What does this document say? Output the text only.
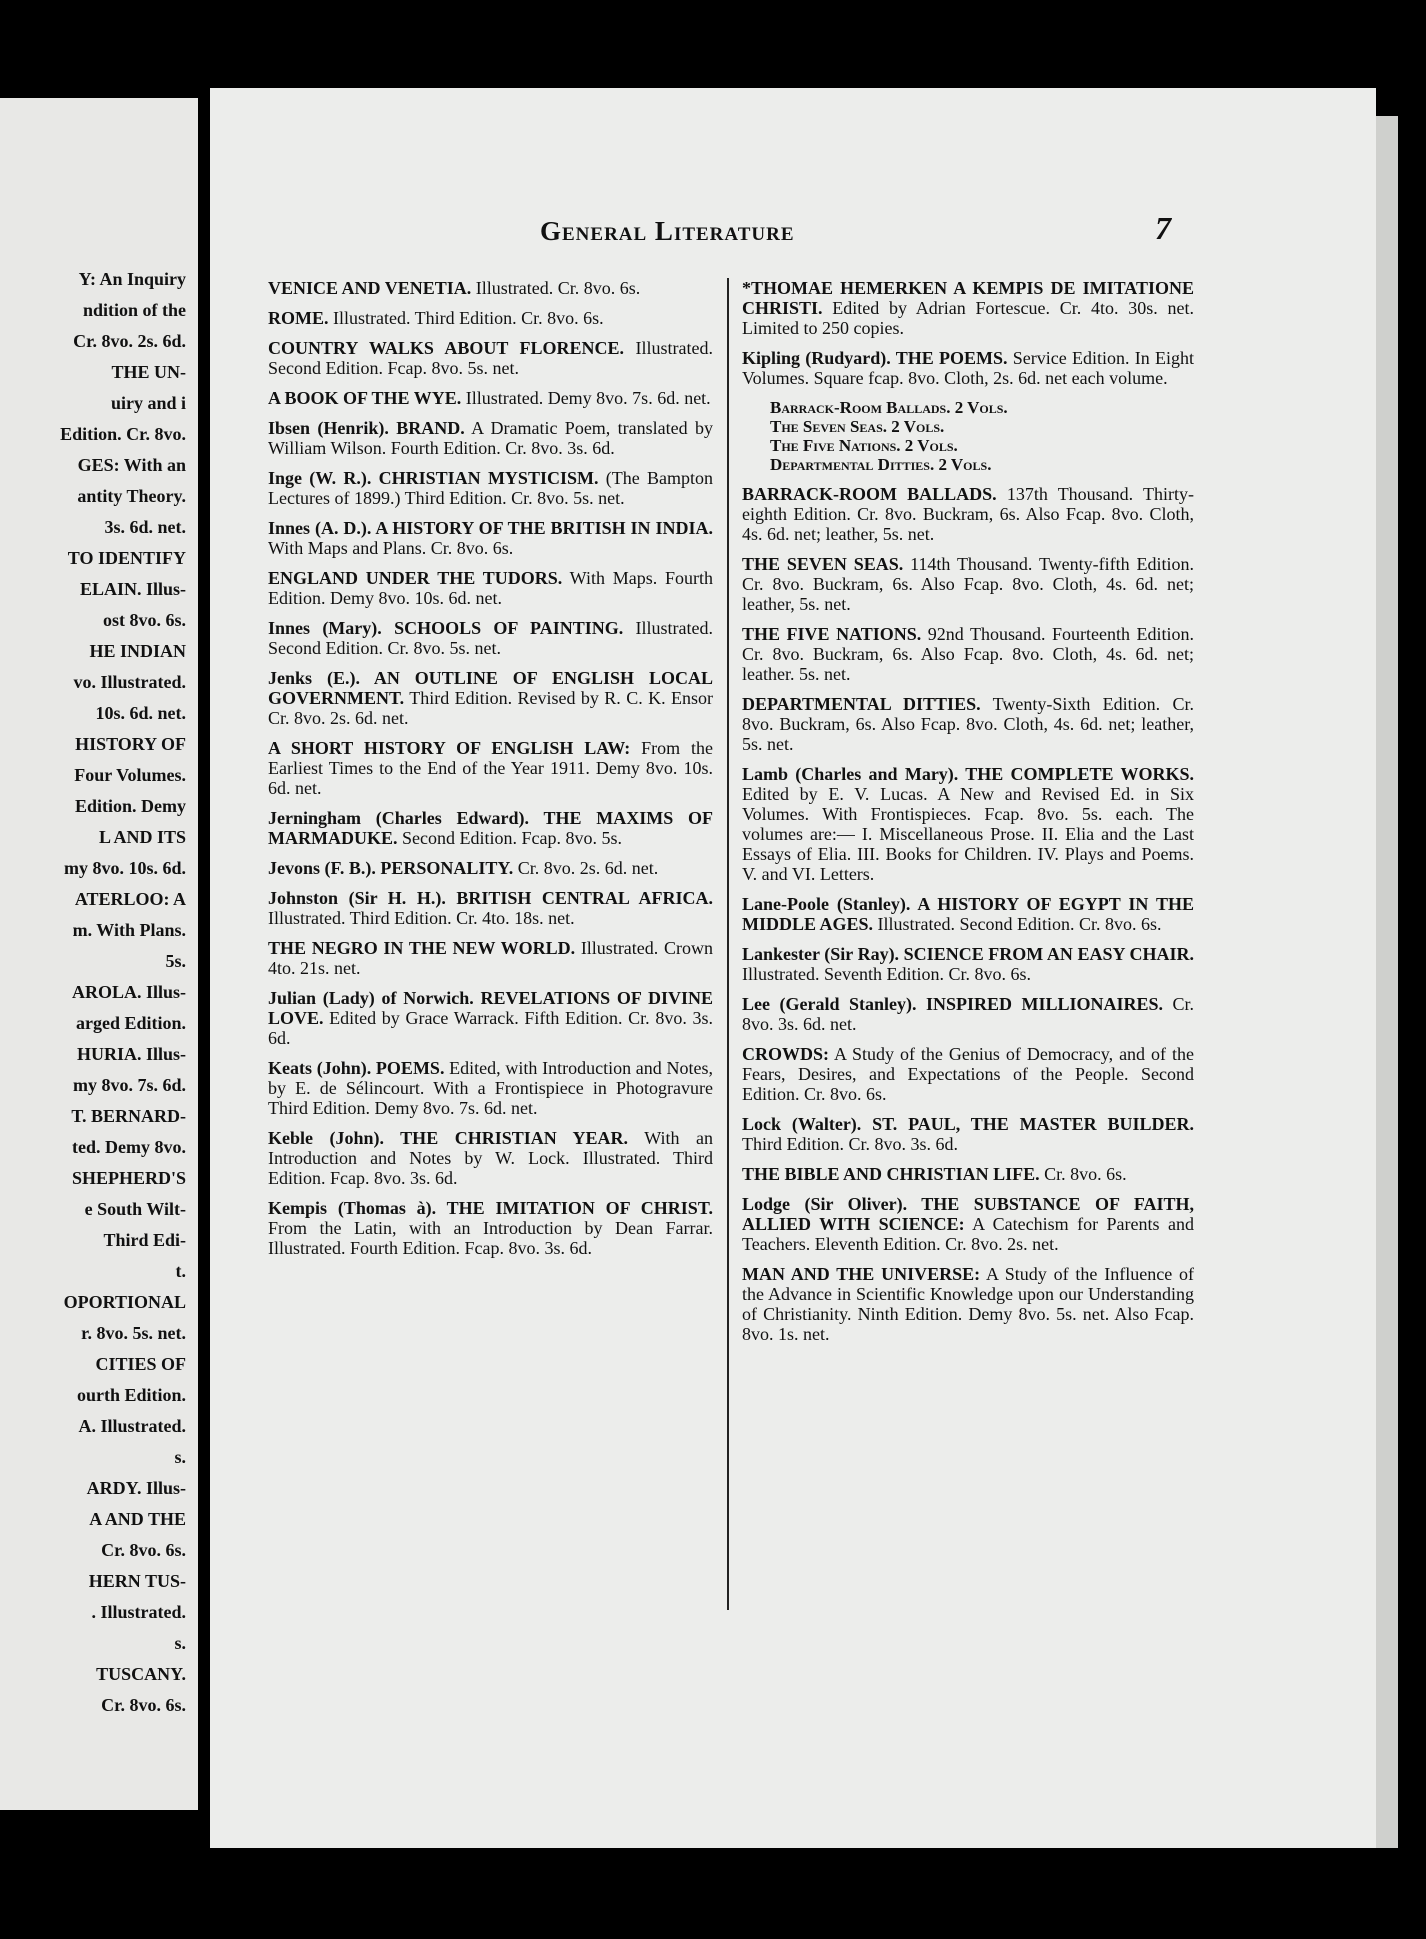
Y: An Inquiry
ndition of the
Cr. 8vo. 2s. 6d.
THE UN-
uiry and i
Edition. Cr. 8vo.
GES: With an
antity Theory.
3s. 6d. net.
TO IDENTIFY
ELAIN. Illus-
ost 8vo. 6s.
HE INDIAN
vo. Illustrated.
10s. 6d. net.
HISTORY OF
Four Volumes.
Edition. Demy
L AND ITS
my 8vo. 10s. 6d.
ATERLOO: A
m. With Plans.
5s.
AROLA. Illus-
arged Edition.
HURIA. Illus-
my 8vo. 7s. 6d.
T. BERNARD-
ted. Demy 8vo.
SHEPHERD'S
e South Wilt-
Third Edi-
t.
OPORTIONAL
r. 8vo. 5s. net.
CITIES OF
ourth Edition.
A. Illustrated.
s.
ARDY. Illus-
A AND THE
Cr. 8vo. 6s.
HERN TUS-
. Illustrated.
s.
TUSCANY.
Cr. 8vo. 6s.
General Literature	7
VENICE AND VENETIA. Illustrated. Cr. 8vo. 6s.
ROME. Illustrated. Third Edition. Cr. 8vo. 6s.
COUNTRY WALKS ABOUT FLORENCE. Illustrated. Second Edition. Fcap. 8vo. 5s. net.
A BOOK OF THE WYE. Illustrated. Demy 8vo. 7s. 6d. net.
Ibsen (Henrik). BRAND. A Dramatic Poem, translated by William Wilson. Fourth Edition. Cr. 8vo. 3s. 6d.
Inge (W. R.). CHRISTIAN MYSTICISM. (The Bampton Lectures of 1899.) Third Edition. Cr. 8vo. 5s. net.
Innes (A. D.). A HISTORY OF THE BRITISH IN INDIA. With Maps and Plans. Cr. 8vo. 6s.
ENGLAND UNDER THE TUDORS. With Maps. Fourth Edition. Demy 8vo. 10s. 6d. net.
Innes (Mary). SCHOOLS OF PAINTING. Illustrated. Second Edition. Cr. 8vo. 5s. net.
Jenks (E.). AN OUTLINE OF ENGLISH LOCAL GOVERNMENT. Third Edition. Revised by R. C. K. Ensor Cr. 8vo. 2s. 6d. net.
A SHORT HISTORY OF ENGLISH LAW: From the Earliest Times to the End of the Year 1911. Demy 8vo. 10s. 6d. net.
Jerningham (Charles Edward). THE MAXIMS OF MARMADUKE. Second Edition. Fcap. 8vo. 5s.
Jevons (F. B.). PERSONALITY. Cr. 8vo. 2s. 6d. net.
Johnston (Sir H. H.). BRITISH CENTRAL AFRICA. Illustrated. Third Edition. Cr. 4to. 18s. net.
THE NEGRO IN THE NEW WORLD. Illustrated. Crown 4to. 21s. net.
Julian (Lady) of Norwich. REVELATIONS OF DIVINE LOVE. Edited by Grace Warrack. Fifth Edition. Cr. 8vo. 3s. 6d.
Keats (John). POEMS. Edited, with Introduction and Notes, by E. de Sélincourt. With a Frontispiece in Photogravure Third Edition. Demy 8vo. 7s. 6d. net.
Keble (John). THE CHRISTIAN YEAR. With an Introduction and Notes by W. Lock. Illustrated. Third Edition. Fcap. 8vo. 3s. 6d.
Kempis (Thomas à). THE IMITATION OF CHRIST. From the Latin, with an Introduction by Dean Farrar. Illustrated. Fourth Edition. Fcap. 8vo. 3s. 6d.
*THOMAE HEMERKEN A KEMPIS DE IMITATIONE CHRISTI. Edited by Adrian Fortescue. Cr. 4to. 30s. net. Limited to 250 copies.
Kipling (Rudyard). THE POEMS. Service Edition. In Eight Volumes. Square fcap. 8vo. Cloth, 2s. 6d. net each volume.
Barrack-Room Ballads. 2 Vols.
The Seven Seas. 2 Vols.
The Five Nations. 2 Vols.
Departmental Ditties. 2 Vols.
BARRACK-ROOM BALLADS. 137th Thousand. Thirty-eighth Edition. Cr. 8vo. Buckram, 6s. Also Fcap. 8vo. Cloth, 4s. 6d. net; leather, 5s. net.
THE SEVEN SEAS. 114th Thousand. Twenty-fifth Edition. Cr. 8vo. Buckram, 6s. Also Fcap. 8vo. Cloth, 4s. 6d. net; leather, 5s. net.
THE FIVE NATIONS. 92nd Thousand. Fourteenth Edition. Cr. 8vo. Buckram, 6s. Also Fcap. 8vo. Cloth, 4s. 6d. net; leather. 5s. net.
DEPARTMENTAL DITTIES. Twenty-Sixth Edition. Cr. 8vo. Buckram, 6s. Also Fcap. 8vo. Cloth, 4s. 6d. net; leather, 5s. net.
Lamb (Charles and Mary). THE COMPLETE WORKS. Edited by E. V. Lucas. A New and Revised Ed. in Six Volumes. With Frontispieces. Fcap. 8vo. 5s. each. The volumes are:— I. Miscellaneous Prose. II. Elia and the Last Essays of Elia. III. Books for Children. IV. Plays and Poems. V. and VI. Letters.
Lane-Poole (Stanley). A HISTORY OF EGYPT IN THE MIDDLE AGES. Illustrated. Second Edition. Cr. 8vo. 6s.
Lankester (Sir Ray). SCIENCE FROM AN EASY CHAIR. Illustrated. Seventh Edition. Cr. 8vo. 6s.
Lee (Gerald Stanley). INSPIRED MILLIONAIRES. Cr. 8vo. 3s. 6d. net.
CROWDS: A Study of the Genius of Democracy, and of the Fears, Desires, and Expectations of the People. Second Edition. Cr. 8vo. 6s.
Lock (Walter). ST. PAUL, THE MASTER BUILDER. Third Edition. Cr. 8vo. 3s. 6d.
THE BIBLE AND CHRISTIAN LIFE. Cr. 8vo. 6s.
Lodge (Sir Oliver). THE SUBSTANCE OF FAITH, ALLIED WITH SCIENCE: A Catechism for Parents and Teachers. Eleventh Edition. Cr. 8vo. 2s. net.
MAN AND THE UNIVERSE: A Study of the Influence of the Advance in Scientific Knowledge upon our Understanding of Christianity. Ninth Edition. Demy 8vo. 5s. net. Also Fcap. 8vo. 1s. net.
